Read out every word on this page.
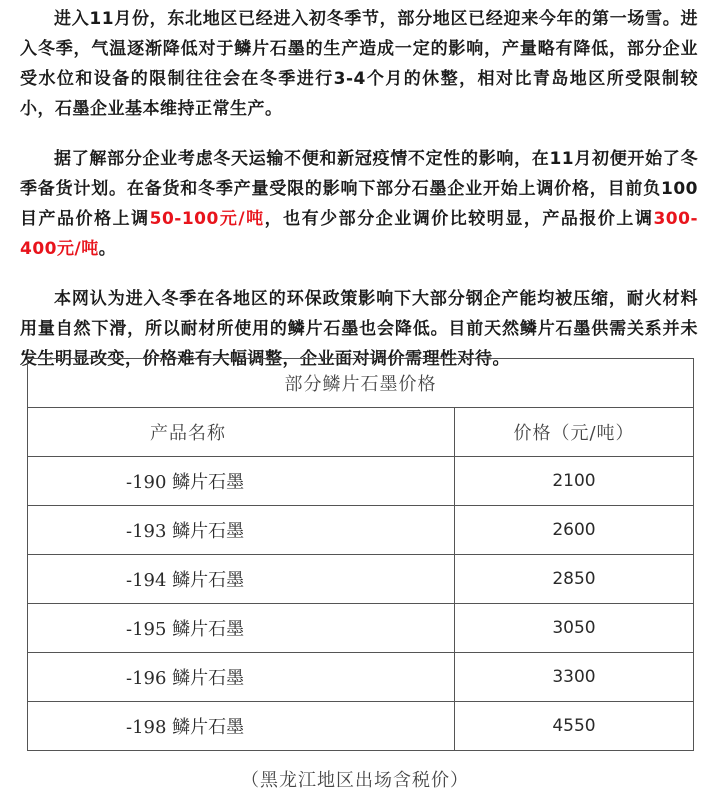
进入11月份，东北地区已经进入初冬季节，部分地区已经迎来今年的第一场雪。进入冬季，气温逐渐降低对于鳞片石墨的生产造成一定的影响，产量略有降低，部分企业受水位和设备的限制往往会在冬季进行3-4个月的休整，相对比青岛地区所受限制较小，石墨企业基本维持正常生产。

据了解部分企业考虑冬天运输不便和新冠疫情不定性的影响，在11月初便开始了冬季备货计划。在备货和冬季产量受限的影响下部分石墨企业开始上调价格，目前负100目产品价格上调50-100元/吨，也有少部分企业调价比较明显，产品报价上调300-400元/吨。

本网认为进入冬季在各地区的环保政策影响下大部分钢企产能均被压缩，耐火材料用量自然下滑，所以耐材所使用的鳞片石墨也会降低。目前天然鳞片石墨供需关系并未发生明显改变，价格难有大幅调整，企业面对调价需理性对待。

部分鳞片石墨价格	
产品名称	价格（元/吨）
-190 鳞片石墨	2100
-193 鳞片石墨	2600
-194 鳞片石墨	2850
-195 鳞片石墨	3050
-196 鳞片石墨	3300
-198 鳞片石墨	4550
（黑龙江地区出场含税价）
